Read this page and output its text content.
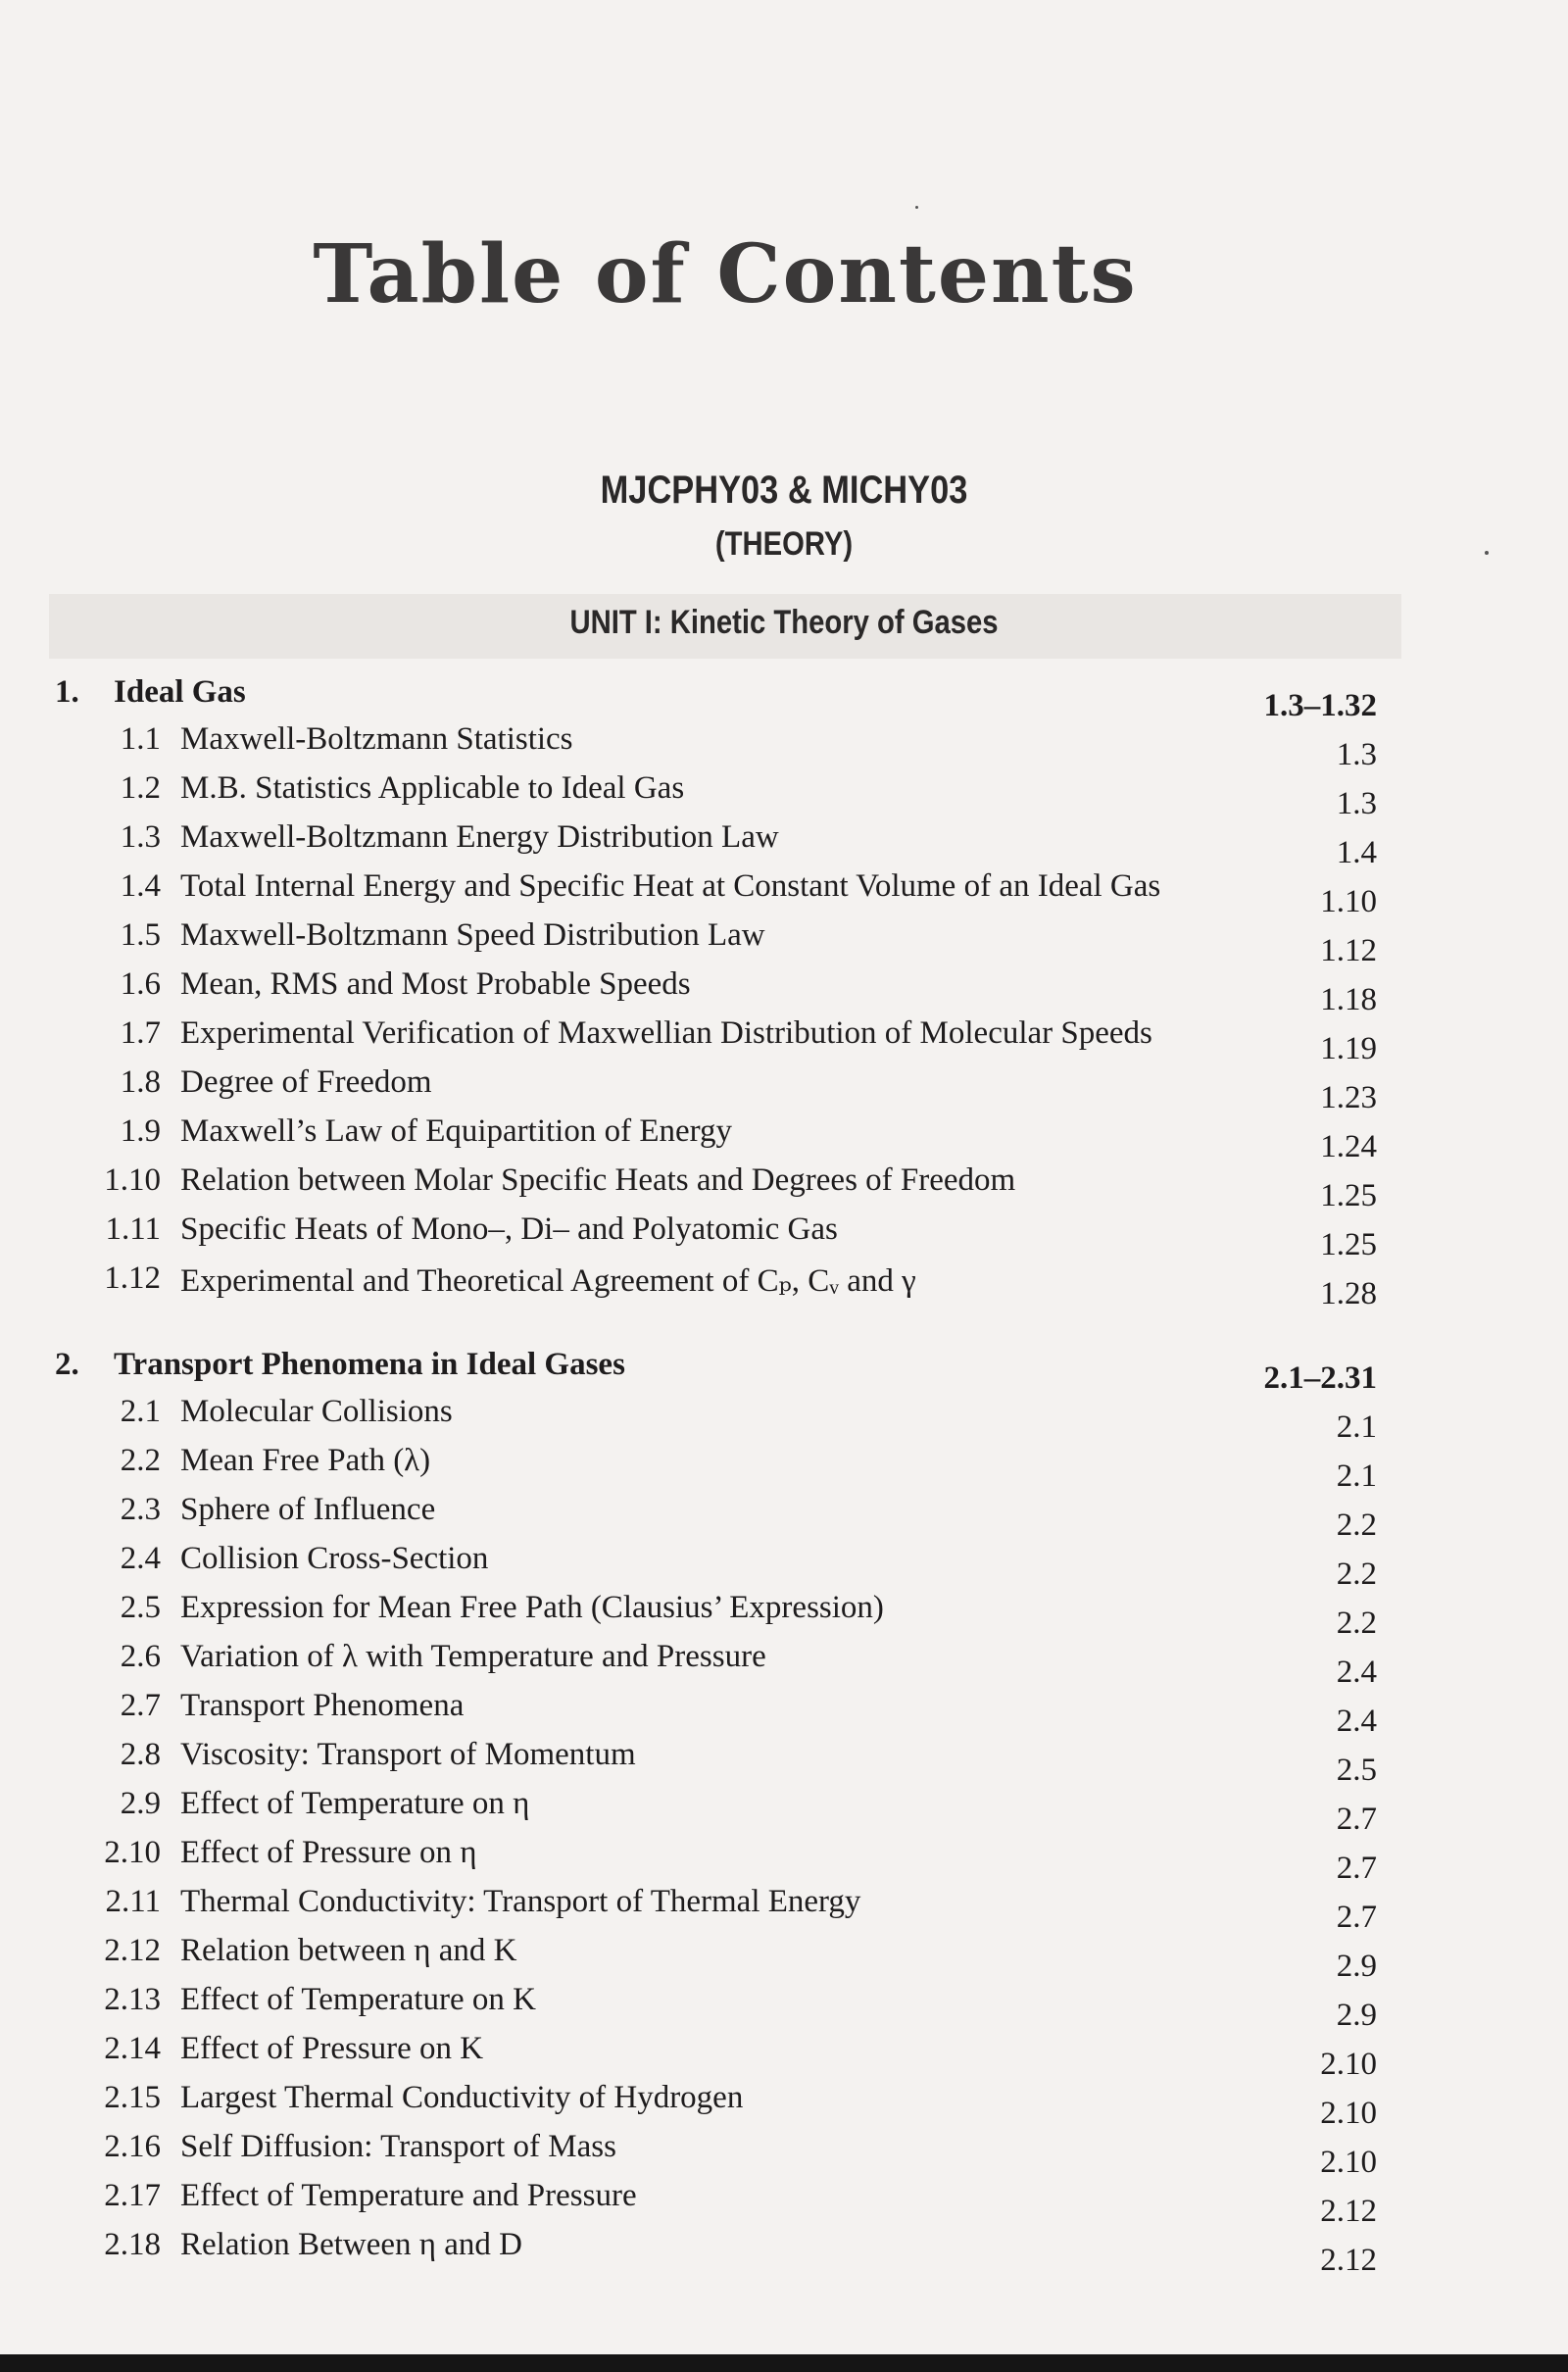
Table of Contents
MJCPHY03 & MICHY03
(THEORY)
UNIT I: Kinetic Theory of Gases
1. Ideal Gas	1.3–1.32
1.1 Maxwell-Boltzmann Statistics	1.3
1.2 M.B. Statistics Applicable to Ideal Gas	1.3
1.3 Maxwell-Boltzmann Energy Distribution Law	1.4
1.4 Total Internal Energy and Specific Heat at Constant Volume of an Ideal Gas	1.10
1.5 Maxwell-Boltzmann Speed Distribution Law	1.12
1.6 Mean, RMS and Most Probable Speeds	1.18
1.7 Experimental Verification of Maxwellian Distribution of Molecular Speeds	1.19
1.8 Degree of Freedom	1.23
1.9 Maxwell’s Law of Equipartition of Energy	1.24
1.10 Relation between Molar Specific Heats and Degrees of Freedom	1.25
1.11 Specific Heats of Mono–, Di– and Polyatomic Gas	1.25
1.12 Experimental and Theoretical Agreement of Cₚ, Cᵥ and γ	1.28
2. Transport Phenomena in Ideal Gases	2.1–2.31
2.1 Molecular Collisions	2.1
2.2 Mean Free Path (λ)	2.1
2.3 Sphere of Influence	2.2
2.4 Collision Cross-Section	2.2
2.5 Expression for Mean Free Path (Clausius’ Expression)	2.2
2.6 Variation of λ with Temperature and Pressure	2.4
2.7 Transport Phenomena	2.4
2.8 Viscosity: Transport of Momentum	2.5
2.9 Effect of Temperature on η	2.7
2.10 Effect of Pressure on η	2.7
2.11 Thermal Conductivity: Transport of Thermal Energy	2.7
2.12 Relation between η and K	2.9
2.13 Effect of Temperature on K	2.9
2.14 Effect of Pressure on K	2.10
2.15 Largest Thermal Conductivity of Hydrogen	2.10
2.16 Self Diffusion: Transport of Mass	2.10
2.17 Effect of Temperature and Pressure	2.12
2.18 Relation Between η and D	2.12
